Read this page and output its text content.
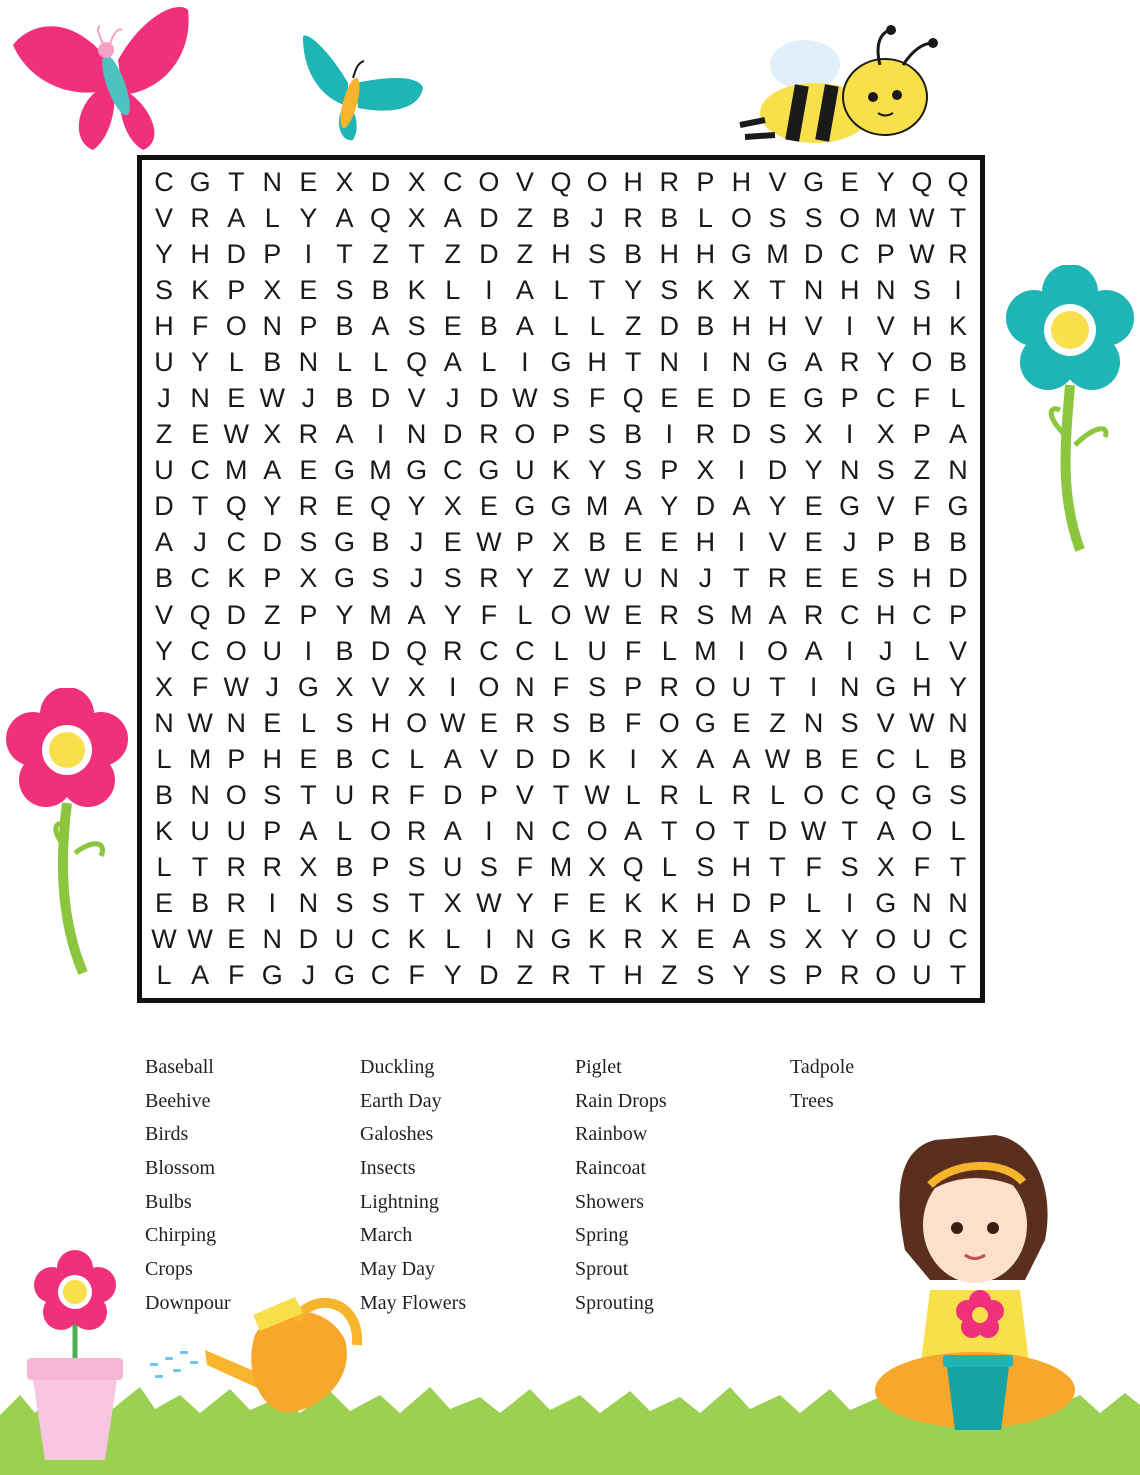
C G T N E X D X C O V Q O H R P H V G E Y Q Q
V R A L Y A Q X A D Z B J R B L O S S O M W T
Y H D P I T Z T Z D Z H S B H H G M D C P W R
S K P X E S B K L I A L T Y S K X T N H N S I
H F O N P B A S E B A L L Z D B H H V I V H K
U Y L B N L L Q A L I G H T N I N G A R Y O B
J N E W J B D V J D W S F Q E E D E G P C F L
Z E W X R A I N D R O P S B I R D S X I X P A
U C M A E G M G C G U K Y S P X I D Y N S Z N
D T Q Y R E Q Y X E G G M A Y D A Y E G V F G
A J C D S G B J E W P X B E E H I V E J P B B
B C K P X G S J S R Y Z W U N J T R E E S H D
V Q D Z P Y M A Y F L O W E R S M A R C H C P
Y C O U I B D Q R C C L U F L M I O A I J L V
X F W J G X V X I O N F S P R O U T I N G H Y
N W N E L S H O W E R S B F O G E Z N S V W N
L M P H E B C L A V D D K I X A A W B E C L B
B N O S T U R F D P V T W L R L R L O C Q G S
K U U P A L O R A I N C O A T O T D W T A O L
L T R R X B P S U S F M X Q L S H T F S X F T
E B R I N S S T X W Y F E K K H D P L I G N N
W W E N D U C K L I N G K R X E A S X Y O U C
L A F G J G C F Y D Z R T H Z S Y S P R O U T
Baseball
Beehive
Birds
Blossom
Bulbs
Chirping
Crops
Downpour
Duckling
Earth Day
Galoshes
Insects
Lightning
March
May Day
May Flowers
Piglet
Rain Drops
Rainbow
Raincoat
Showers
Spring
Sprout
Sprouting
Tadpole
Trees
